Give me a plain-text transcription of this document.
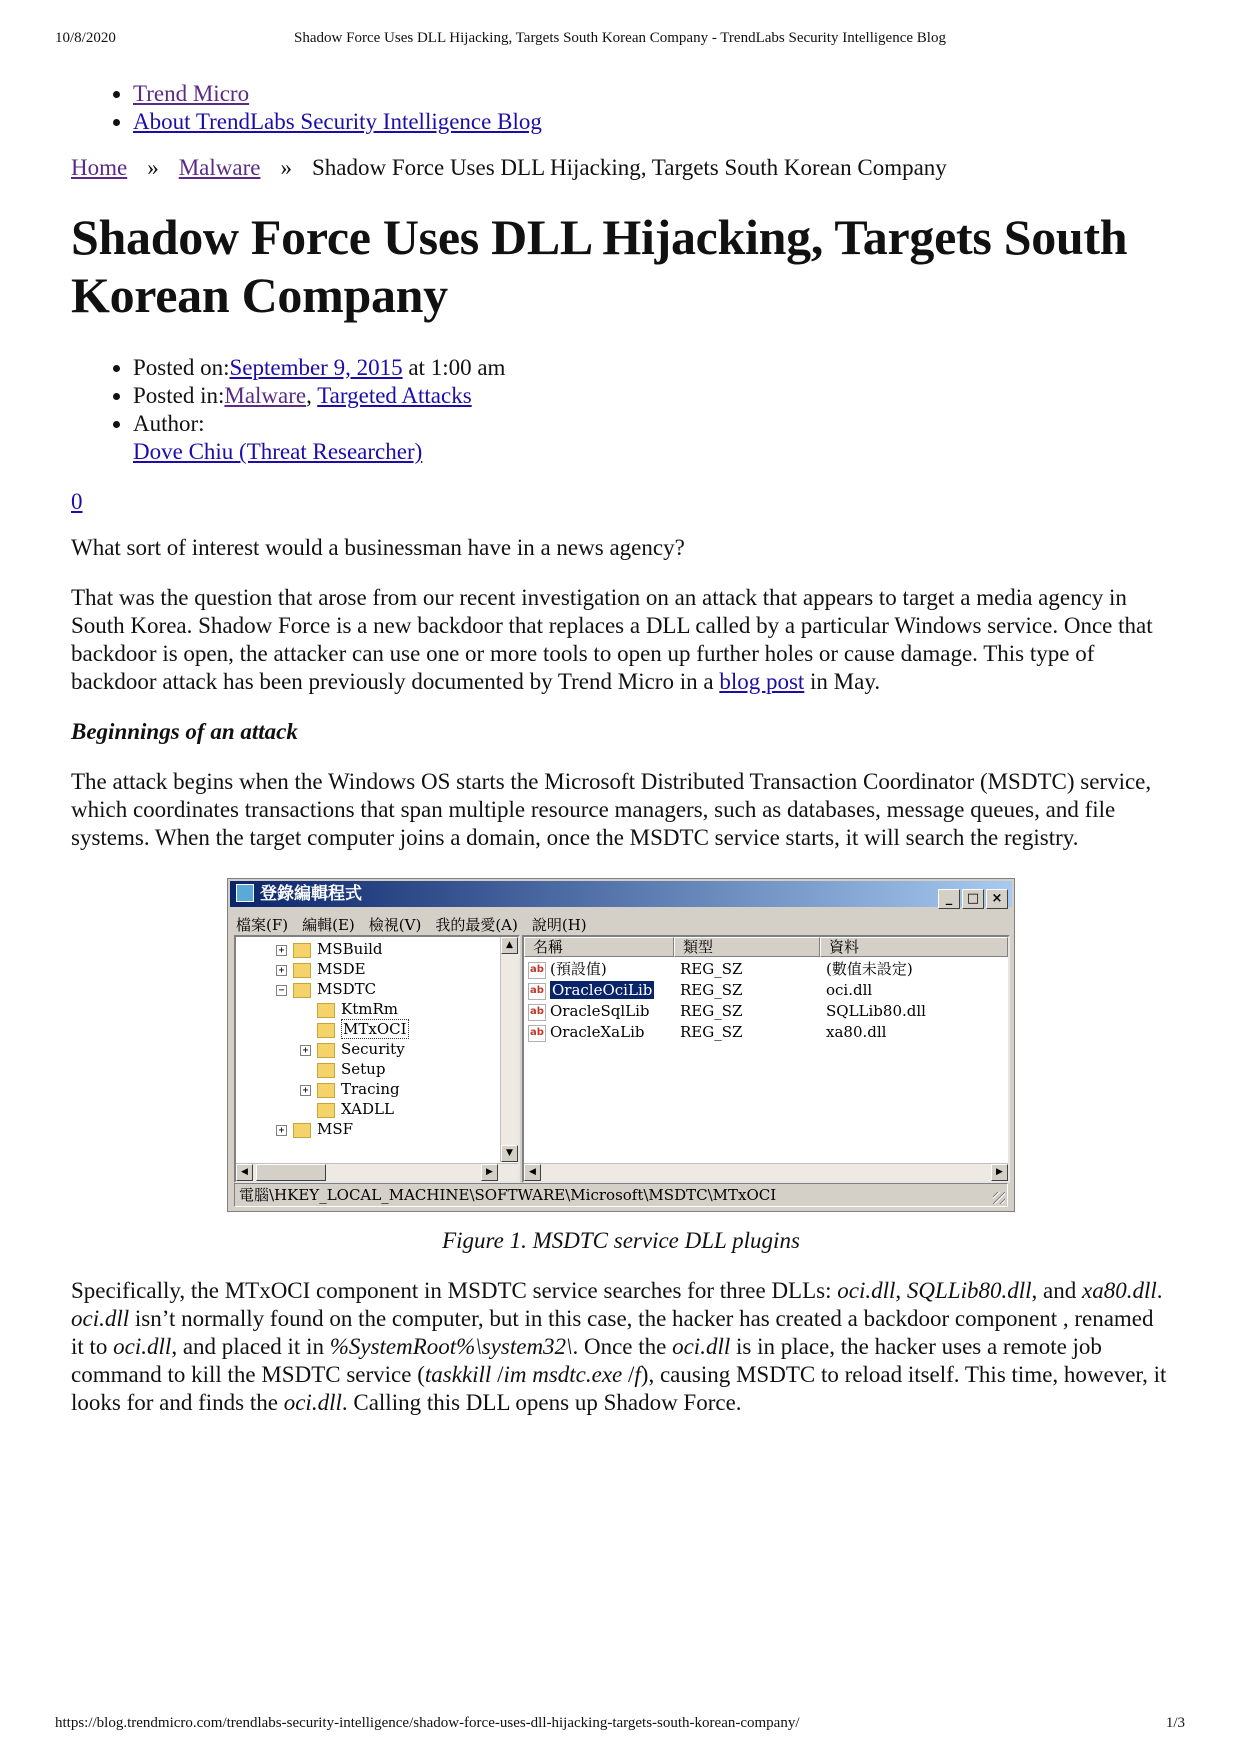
10/8/2020	Shadow Force Uses DLL Hijacking, Targets South Korean Company - TrendLabs Security Intelligence Blog
• Trend Micro
• About TrendLabs Security Intelligence Blog
Home » Malware » Shadow Force Uses DLL Hijacking, Targets South Korean Company
Shadow Force Uses DLL Hijacking, Targets South Korean Company
• Posted on:September 9, 2015 at 1:00 am
• Posted in:Malware, Targeted Attacks
• Author:
Dove Chiu (Threat Researcher)
0

What sort of interest would a businessman have in a news agency?

That was the question that arose from our recent investigation on an attack that appears to target a media agency in South Korea. Shadow Force is a new backdoor that replaces a DLL called by a particular Windows service. Once that backdoor is open, the attacker can use one or more tools to open up further holes or cause damage. This type of backdoor attack has been previously documented by Trend Micro in a blog post in May.

Beginnings of an attack

The attack begins when the Windows OS starts the Microsoft Distributed Transaction Coordinator (MSDTC) service, which coordinates transactions that span multiple resource managers, such as databases, message queues, and file systems. When the target computer joins a domain, once the MSDTC service starts, it will search the registry.

登錄編輯程式	_ □ ×
檔案(F) 編輯(E) 檢視(V) 我的最愛(A) 說明(H)
+ MSBuild
+ MSDE
− MSDTC
KtmRm
MTxOCI
+ Security
Setup
+ Tracing
XADLL
+ MSF
▲
▼
◀	▶
名稱	類型	資料
ab (預設值)	REG_SZ	(數值未設定)
ab OracleOciLib REG_SZ	oci.dll
ab OracleSqlLib REG_SZ	SQLLib80.dll
ab OracleXaLib REG_SZ	xa80.dll
◀	▶
電腦\HKEY_LOCAL_MACHINE\SOFTWARE\Microsoft\MSDTC\MTxOCI
Figure 1. MSDTC service DLL plugins

Specifically, the MTxOCI component in MSDTC service searches for three DLLs: oci.dll, SQLLib80.dll, and xa80.dll. oci.dll isn’t normally found on the computer, but in this case, the hacker has created a backdoor component , renamed it to oci.dll, and placed it in %SystemRoot%\system32\. Once the oci.dll is in place, the hacker uses a remote job command to kill the MSDTC service (taskkill /im msdtc.exe /f), causing MSDTC to reload itself. This time, however, it looks for and finds the oci.dll. Calling this DLL opens up Shadow Force.

https://blog.trendmicro.com/trendlabs-security-intelligence/shadow-force-uses-dll-hijacking-targets-south-korean-company/	1/3
